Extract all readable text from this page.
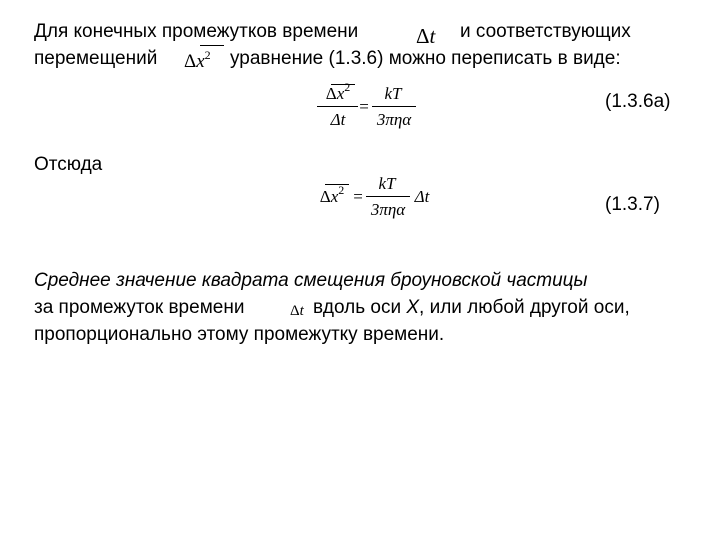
Для конечных промежутков времени	Δt и соответствующих
перемещений $\Delta x^2$ уравнение (1.3.6) можно переписать в виде:
$\Delta x^2$
Δt
=
kT
3πηα
(1.3.6а)
Отсюда
$\Delta x^2$ =
kT
3πηα
Δt	(1.3.7)
Среднее значение квадрата смещения броуновской частицы
за промежуток времени	Δt вдоль оси X, или любой другой оси,
пропорционально этому промежутку времени.
